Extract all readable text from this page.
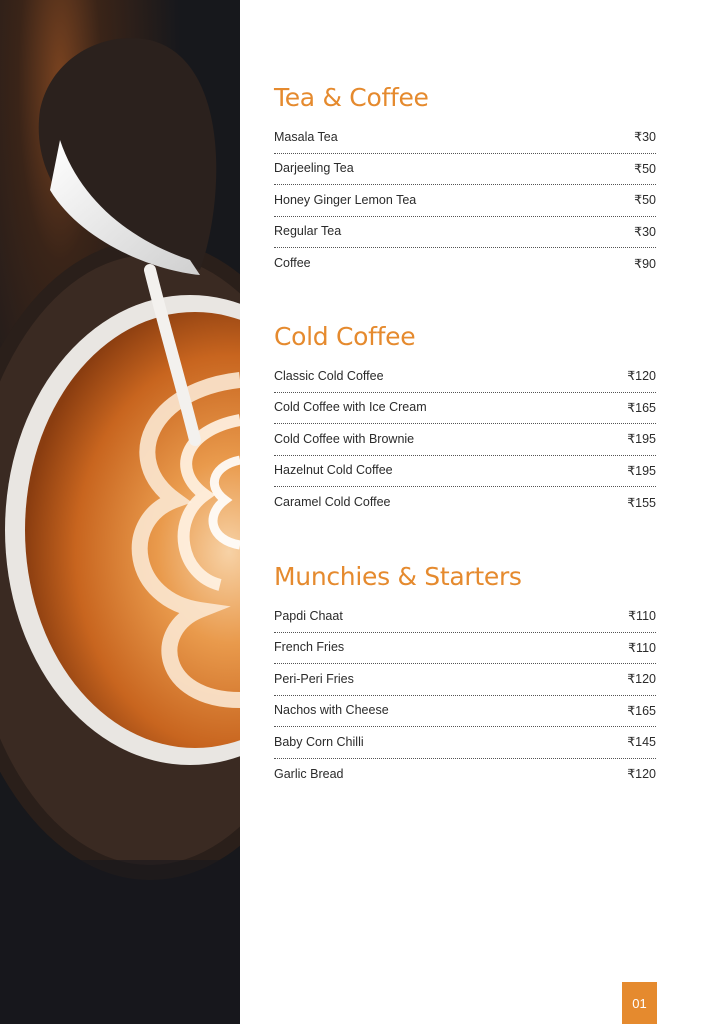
Tea & Coffee
Masala Tea	₹30
Darjeeling Tea	₹50
Honey Ginger Lemon Tea	₹50
Regular Tea	₹30
Coffee	₹90
Cold Coffee
Classic Cold Coffee	₹120
Cold Coffee with Ice Cream	₹165
Cold Coffee with Brownie	₹195
Hazelnut Cold Coffee	₹195
Caramel Cold Coffee	₹155
Munchies & Starters
Papdi Chaat	₹110
French Fries	₹110
Peri-Peri Fries	₹120
Nachos with Cheese	₹165
Baby Corn Chilli	₹145
Garlic Bread	₹120
01
